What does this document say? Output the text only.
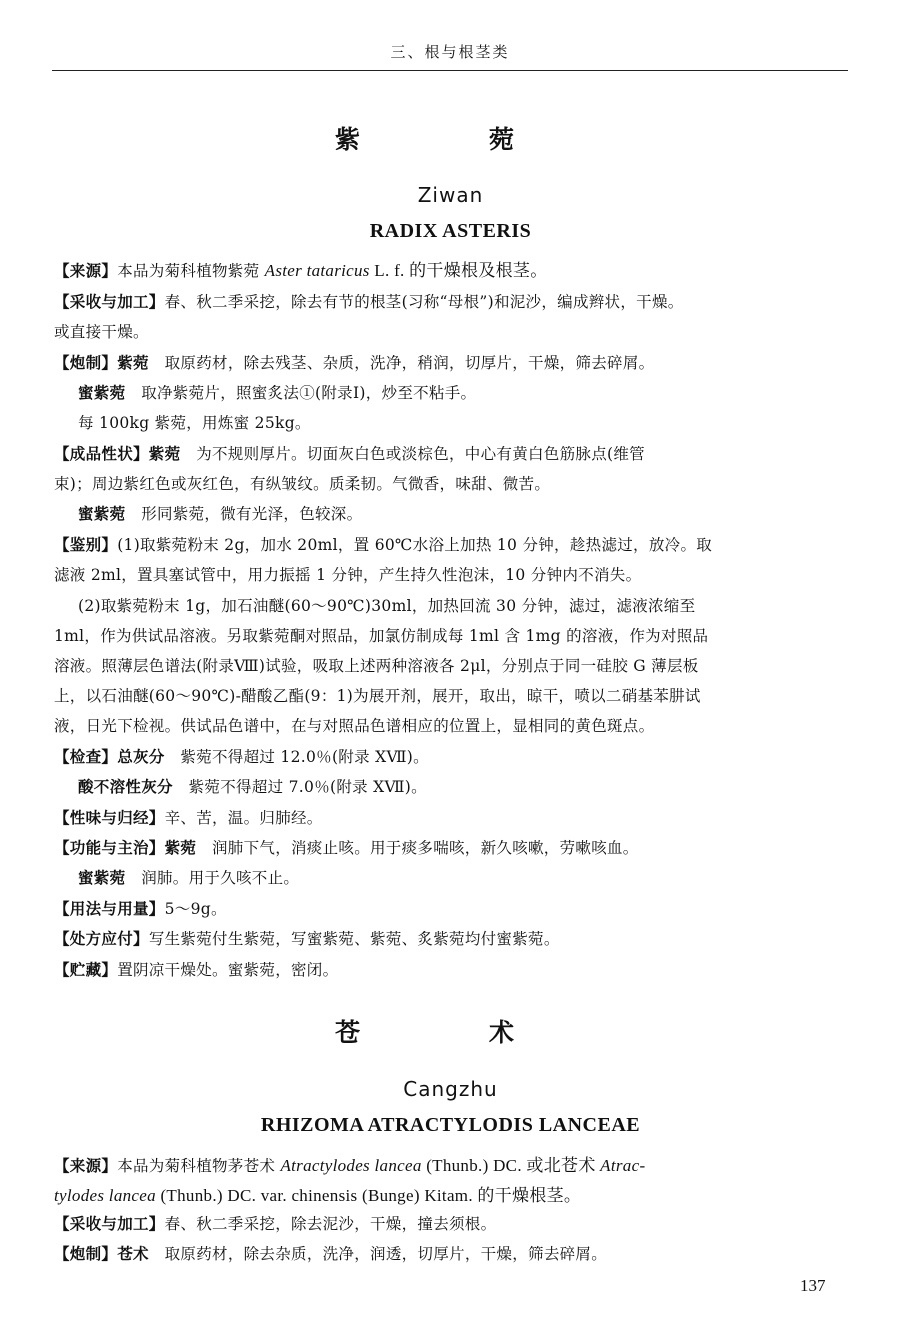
三、根与根茎类
紫　菀
Ziwan
RADIX ASTERIS
【来源】本品为菊科植物紫菀 Aster tataricus L. f. 的干燥根及根茎。
【采收与加工】春、秋二季采挖，除去有节的根茎(习称“母根”)和泥沙，编成辫状，干燥。
或直接干燥。
【炮制】紫菀　取原药材，除去残茎、杂质，洗净，稍润，切厚片，干燥，筛去碎屑。
蜜紫菀　取净紫菀片，照蜜炙法①(附录Ⅰ)，炒至不粘手。
每 100kg 紫菀，用炼蜜 25kg。
【成品性状】紫菀　为不规则厚片。切面灰白色或淡棕色，中心有黄白色筋脉点(维管
束)；周边紫红色或灰红色，有纵皱纹。质柔韧。气微香，味甜、微苦。
蜜紫菀　形同紫菀，微有光泽，色较深。
【鉴别】(1)取紫菀粉末 2g，加水 20ml，置 60℃水浴上加热 10 分钟，趁热滤过，放冷。取
滤液 2ml，置具塞试管中，用力振摇 1 分钟，产生持久性泡沫，10 分钟内不消失。
(2)取紫菀粉末 1g，加石油醚(60～90℃)30ml，加热回流 30 分钟，滤过，滤液浓缩至
1ml，作为供试品溶液。另取紫菀酮对照品，加氯仿制成每 1ml 含 1mg 的溶液，作为对照品
溶液。照薄层色谱法(附录Ⅷ)试验，吸取上述两种溶液各 2μl，分别点于同一硅胶 G 薄层板
上，以石油醚(60～90℃)-醋酸乙酯(9：1)为展开剂，展开，取出，晾干，喷以二硝基苯肼试
液，日光下检视。供试品色谱中，在与对照品色谱相应的位置上，显相同的黄色斑点。
【检查】总灰分　紫菀不得超过 12.0％(附录 XⅦ)。
酸不溶性灰分　紫菀不得超过 7.0％(附录 XⅦ)。
【性味与归经】辛、苦，温。归肺经。
【功能与主治】紫菀　润肺下气，消痰止咳。用于痰多喘咳，新久咳嗽，劳嗽咳血。
蜜紫菀　润肺。用于久咳不止。
【用法与用量】5～9g。
【处方应付】写生紫菀付生紫菀，写蜜紫菀、紫菀、炙紫菀均付蜜紫菀。
【贮藏】置阴凉干燥处。蜜紫菀，密闭。
苍　术
Cangzhu
RHIZOMA ATRACTYLODIS LANCEAE
【来源】本品为菊科植物茅苍术 Atractylodes lancea (Thunb.) DC. 或北苍术 Atrac-
tylodes lancea (Thunb.) DC. var. chinensis (Bunge) Kitam. 的干燥根茎。
【采收与加工】春、秋二季采挖，除去泥沙，干燥，撞去须根。
【炮制】苍术　取原药材，除去杂质，洗净，润透，切厚片，干燥，筛去碎屑。
137
